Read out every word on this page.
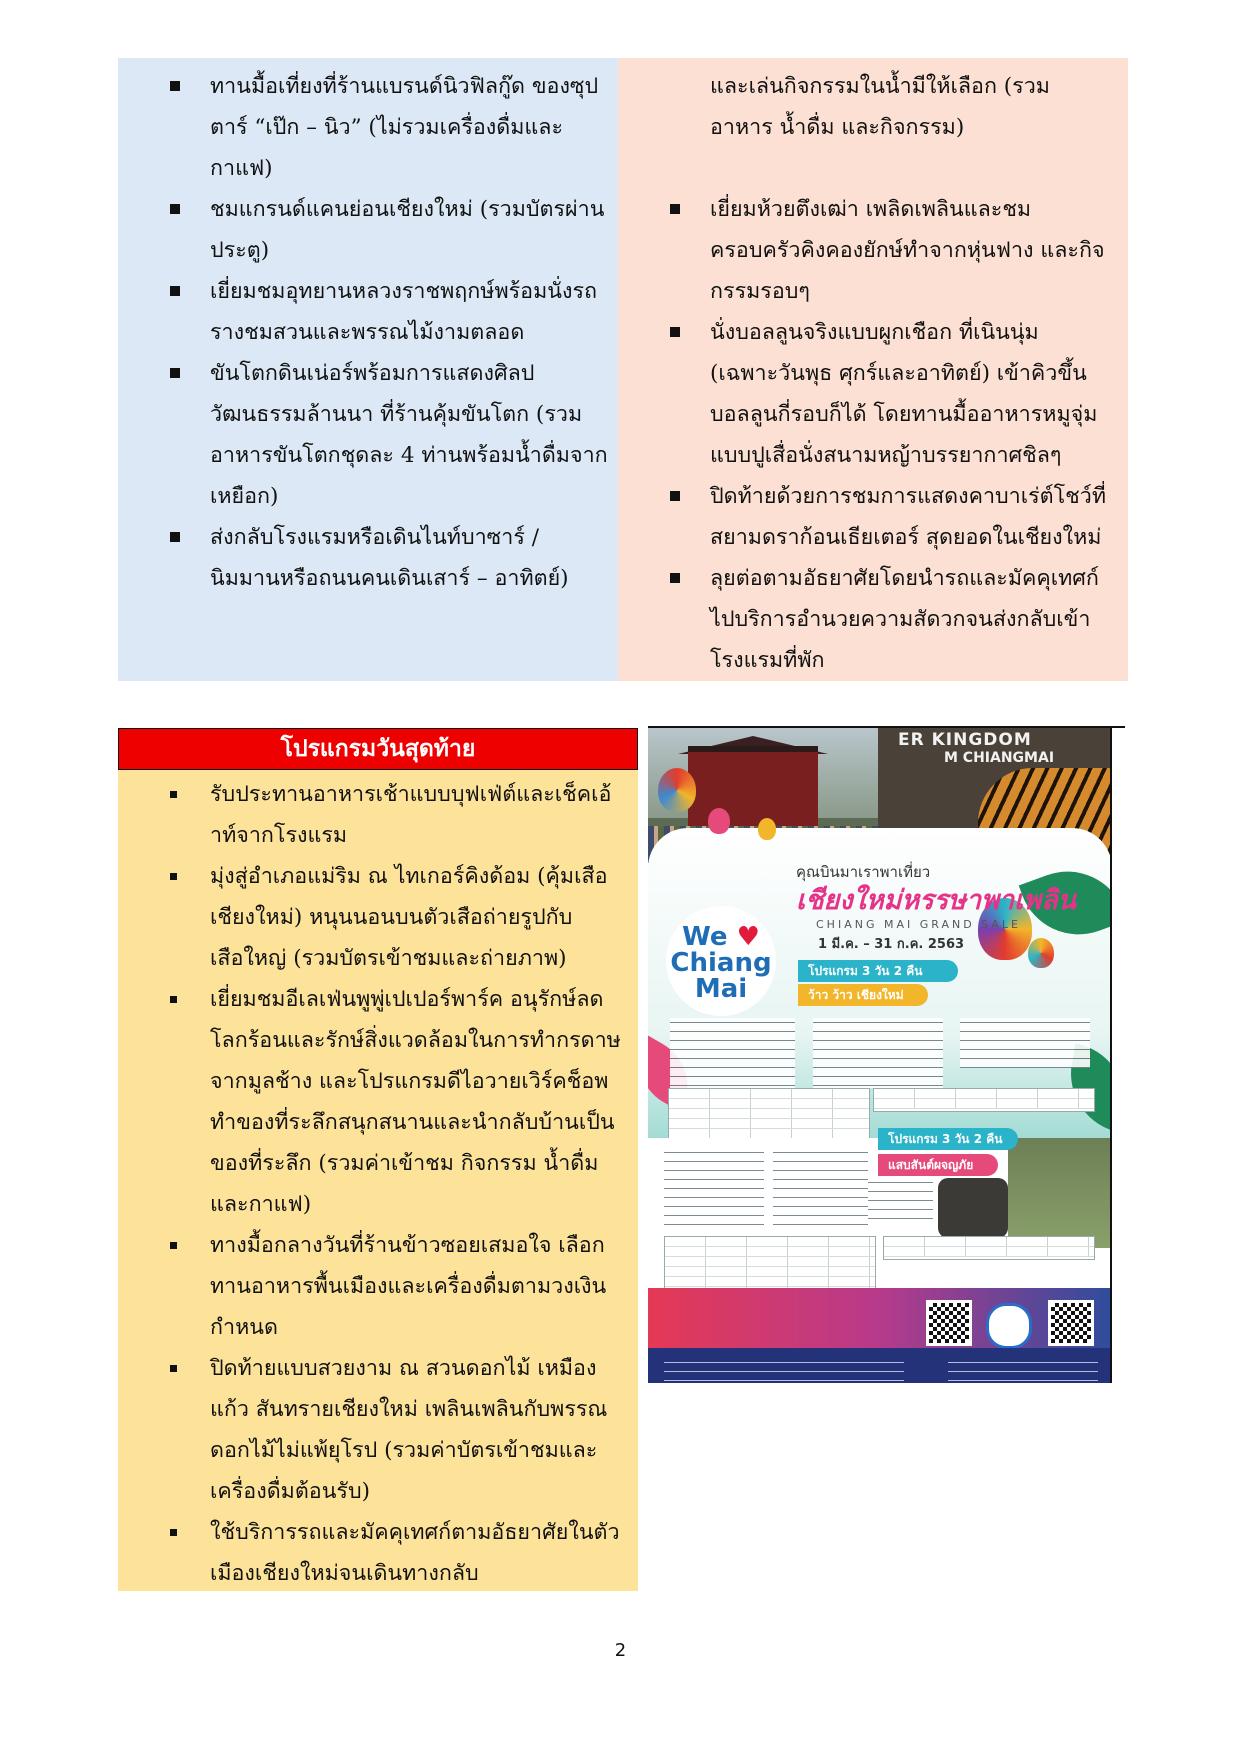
ทานมื้อเที่ยงที่ร้านแบรนด์นิวฟิลกู๊ด ของซุปตาร์ “เป๊ก – นิว” (ไม่รวมเครื่องดื่มและกาแฟ)
ชมแกรนด์แคนย่อนเชียงใหม่ (รวมบัตรผ่านประตู)
เยี่ยมชมอุทยานหลวงราชพฤกษ์พร้อมนั่งรถรางชมสวนและพรรณไม้งามตลอด
ขันโตกดินเน่อร์พร้อมการแสดงศิลปวัฒนธรรมล้านนา ที่ร้านคุ้มขันโตก (รวมอาหารขันโตกชุดละ 4 ท่านพร้อมน้ำดื่มจากเหยือก)
ส่งกลับโรงแรมหรือเดินไนท์บาซาร์ / นิมมานหรือถนนคนเดินเสาร์ – อาทิตย์)
และเล่นกิจกรรมในน้ำมีให้เลือก (รวมอาหาร น้ำดื่ม และกิจกรรม)
เยี่ยมห้วยตึงเฒ่า เพลิดเพลินและชมครอบครัวคิงคองยักษ์ทำจากหุ่นฟาง และกิจกรรมรอบๆ
นั่งบอลลูนจริงแบบผูกเชือก ที่เนินนุ่ม (เฉพาะวันพุธ ศุกร์และอาทิตย์) เข้าคิวขึ้นบอลลูนกี่รอบก็ได้ โดยทานมื้ออาหารหมูจุ่มแบบปูเสื่อนั่งสนามหญ้าบรรยากาศชิลๆ
ปิดท้ายด้วยการชมการแสดงคาบาเร่ต์โชว์ที่สยามดราก้อนเธียเตอร์ สุดยอดในเชียงใหม่
ลุยต่อตามอัธยาศัยโดยนำรถและมัคคุเทศก์ไปบริการอำนวยความสัดวกจนส่งกลับเข้าโรงแรมที่พัก
โปรแกรมวันสุดท้าย
รับประทานอาหารเช้าแบบบุฟเฟ่ต์และเช็คเอ้าท์จากโรงแรม
มุ่งสู่อำเภอแม่ริม ณ ไทเกอร์คิงด้อม (คุ้มเสือเชียงใหม่) หนุนนอนบนตัวเสือถ่ายรูปกับเสือใหญ่ (รวมบัตรเข้าชมและถ่ายภาพ)
เยี่ยมชมอีเลเฟ่นพูพู่เปเปอร์พาร์ค อนุรักษ์ลดโลกร้อนและรักษ์สิ่งแวดล้อมในการทำกรดาษจากมูลช้าง และโปรแกรมดีไอวายเวิร์คช็อพทำของที่ระลึกสนุกสนานและนำกลับบ้านเป็นของที่ระลึก (รวมค่าเข้าชม กิจกรรม น้ำดื่มและกาแฟ)
ทางมื้อกลางวันที่ร้านข้าวซอยเสมอใจ เลือกทานอาหารพื้นเมืองและเครื่องดื่มตามวงเงินกำหนด
ปิดท้ายแบบสวยงาม ณ สวนดอกไม้ เหมืองแก้ว สันทรายเชียงใหม่ เพลินเพลินกับพรรณดอกไม้ไม่แพ้ยุโรป (รวมค่าบัตรเข้าชมและเครื่องดื่มต้อนรับ)
ใช้บริการรถและมัคคุเทศก์ตามอัธยาศัยในตัวเมืองเชียงใหม่จนเดินทางกลับ
ER KINGDOM
M CHIANGMAI
We ♥
Chiang
Mai
คุณบินมาเราพาเที่ยว
เชียงใหม่หรรษาพาเพลิน
CHIANG MAI GRAND SALE
1 มี.ค. – 31 ก.ค. 2563
โปรแกรม 3 วัน 2 คืน
ว้าว ว้าว เชียงใหม่
โปรแกรม 3 วัน 2 คืน
แสบสันต์ผจญภัย
2
